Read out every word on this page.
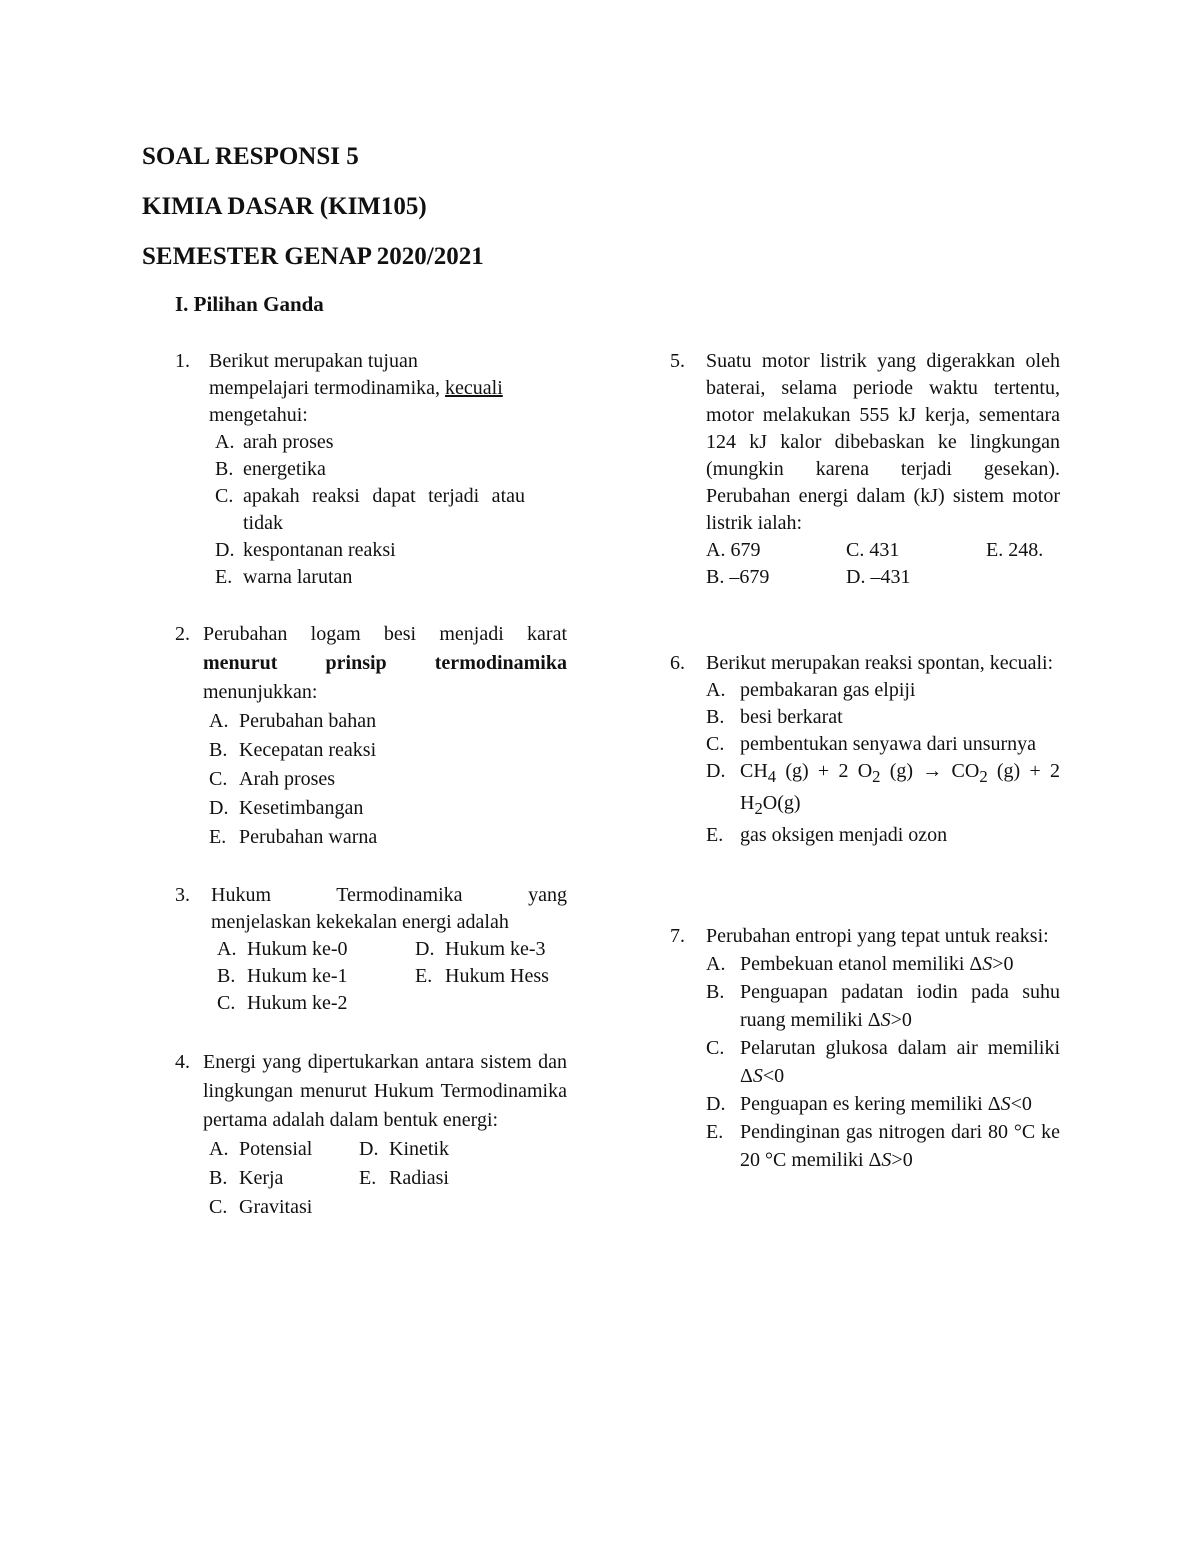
SOAL RESPONSI 5
KIMIA DASAR (KIM105)
SEMESTER GENAP 2020/2021
I. Pilihan Ganda
1. Berikut merupakan tujuan
mempelajari termodinamika, kecuali
mengetahui:
A. arah proses
B. energetika
C. apakah reaksi dapat terjadi atau tidak
D. kespontanan reaksi
E. warna larutan
2. Perubahan logam besi menjadi karat
menurut prinsip termodinamika
menunjukkan:
A. Perubahan bahan
B. Kecepatan reaksi
C. Arah proses
D. Kesetimbangan
E. Perubahan warna
3. Hukum Termodinamika yang
menjelaskan kekekalan energi adalah
A. Hukum ke-0	D. Hukum ke-3
B. Hukum ke-1	E. Hukum Hess
C. Hukum ke-2
4. Energi yang dipertukarkan antara sistem dan lingkungan menurut Hukum Termodinamika pertama adalah dalam bentuk energi:
A. Potensial D. Kinetik
B. Kerja	E. Radiasi
C. Gravitasi
5. Suatu motor listrik yang digerakkan oleh baterai, selama periode waktu tertentu, motor melakukan 555 kJ kerja, sementara 124 kJ kalor dibebaskan ke lingkungan (mungkin karena terjadi gesekan). Perubahan energi dalam (kJ) sistem motor listrik ialah:
A. 679	C. 431	E. 248.
B. –679	D. –431
6. Berikut merupakan reaksi spontan, kecuali:
A. pembakaran gas elpiji
B. besi berkarat
C. pembentukan senyawa dari unsurnya
D. $CH_4$ (g) + 2 $O_2$ $(g) \to CO_2$ (g) + 2 $H_2O(g)$
E. gas oksigen menjadi ozon
7. Perubahan entropi yang tepat untuk reaksi:
A. Pembekuan etanol memiliki ΔS>0
B. Penguapan padatan iodin pada suhu ruang memiliki ΔS>0
C. Pelarutan glukosa dalam air memiliki ΔS<0
D. Penguapan es kering memiliki ΔS<0
E. Pendinginan gas nitrogen dari 80 °C ke 20 °C memiliki ΔS>0
